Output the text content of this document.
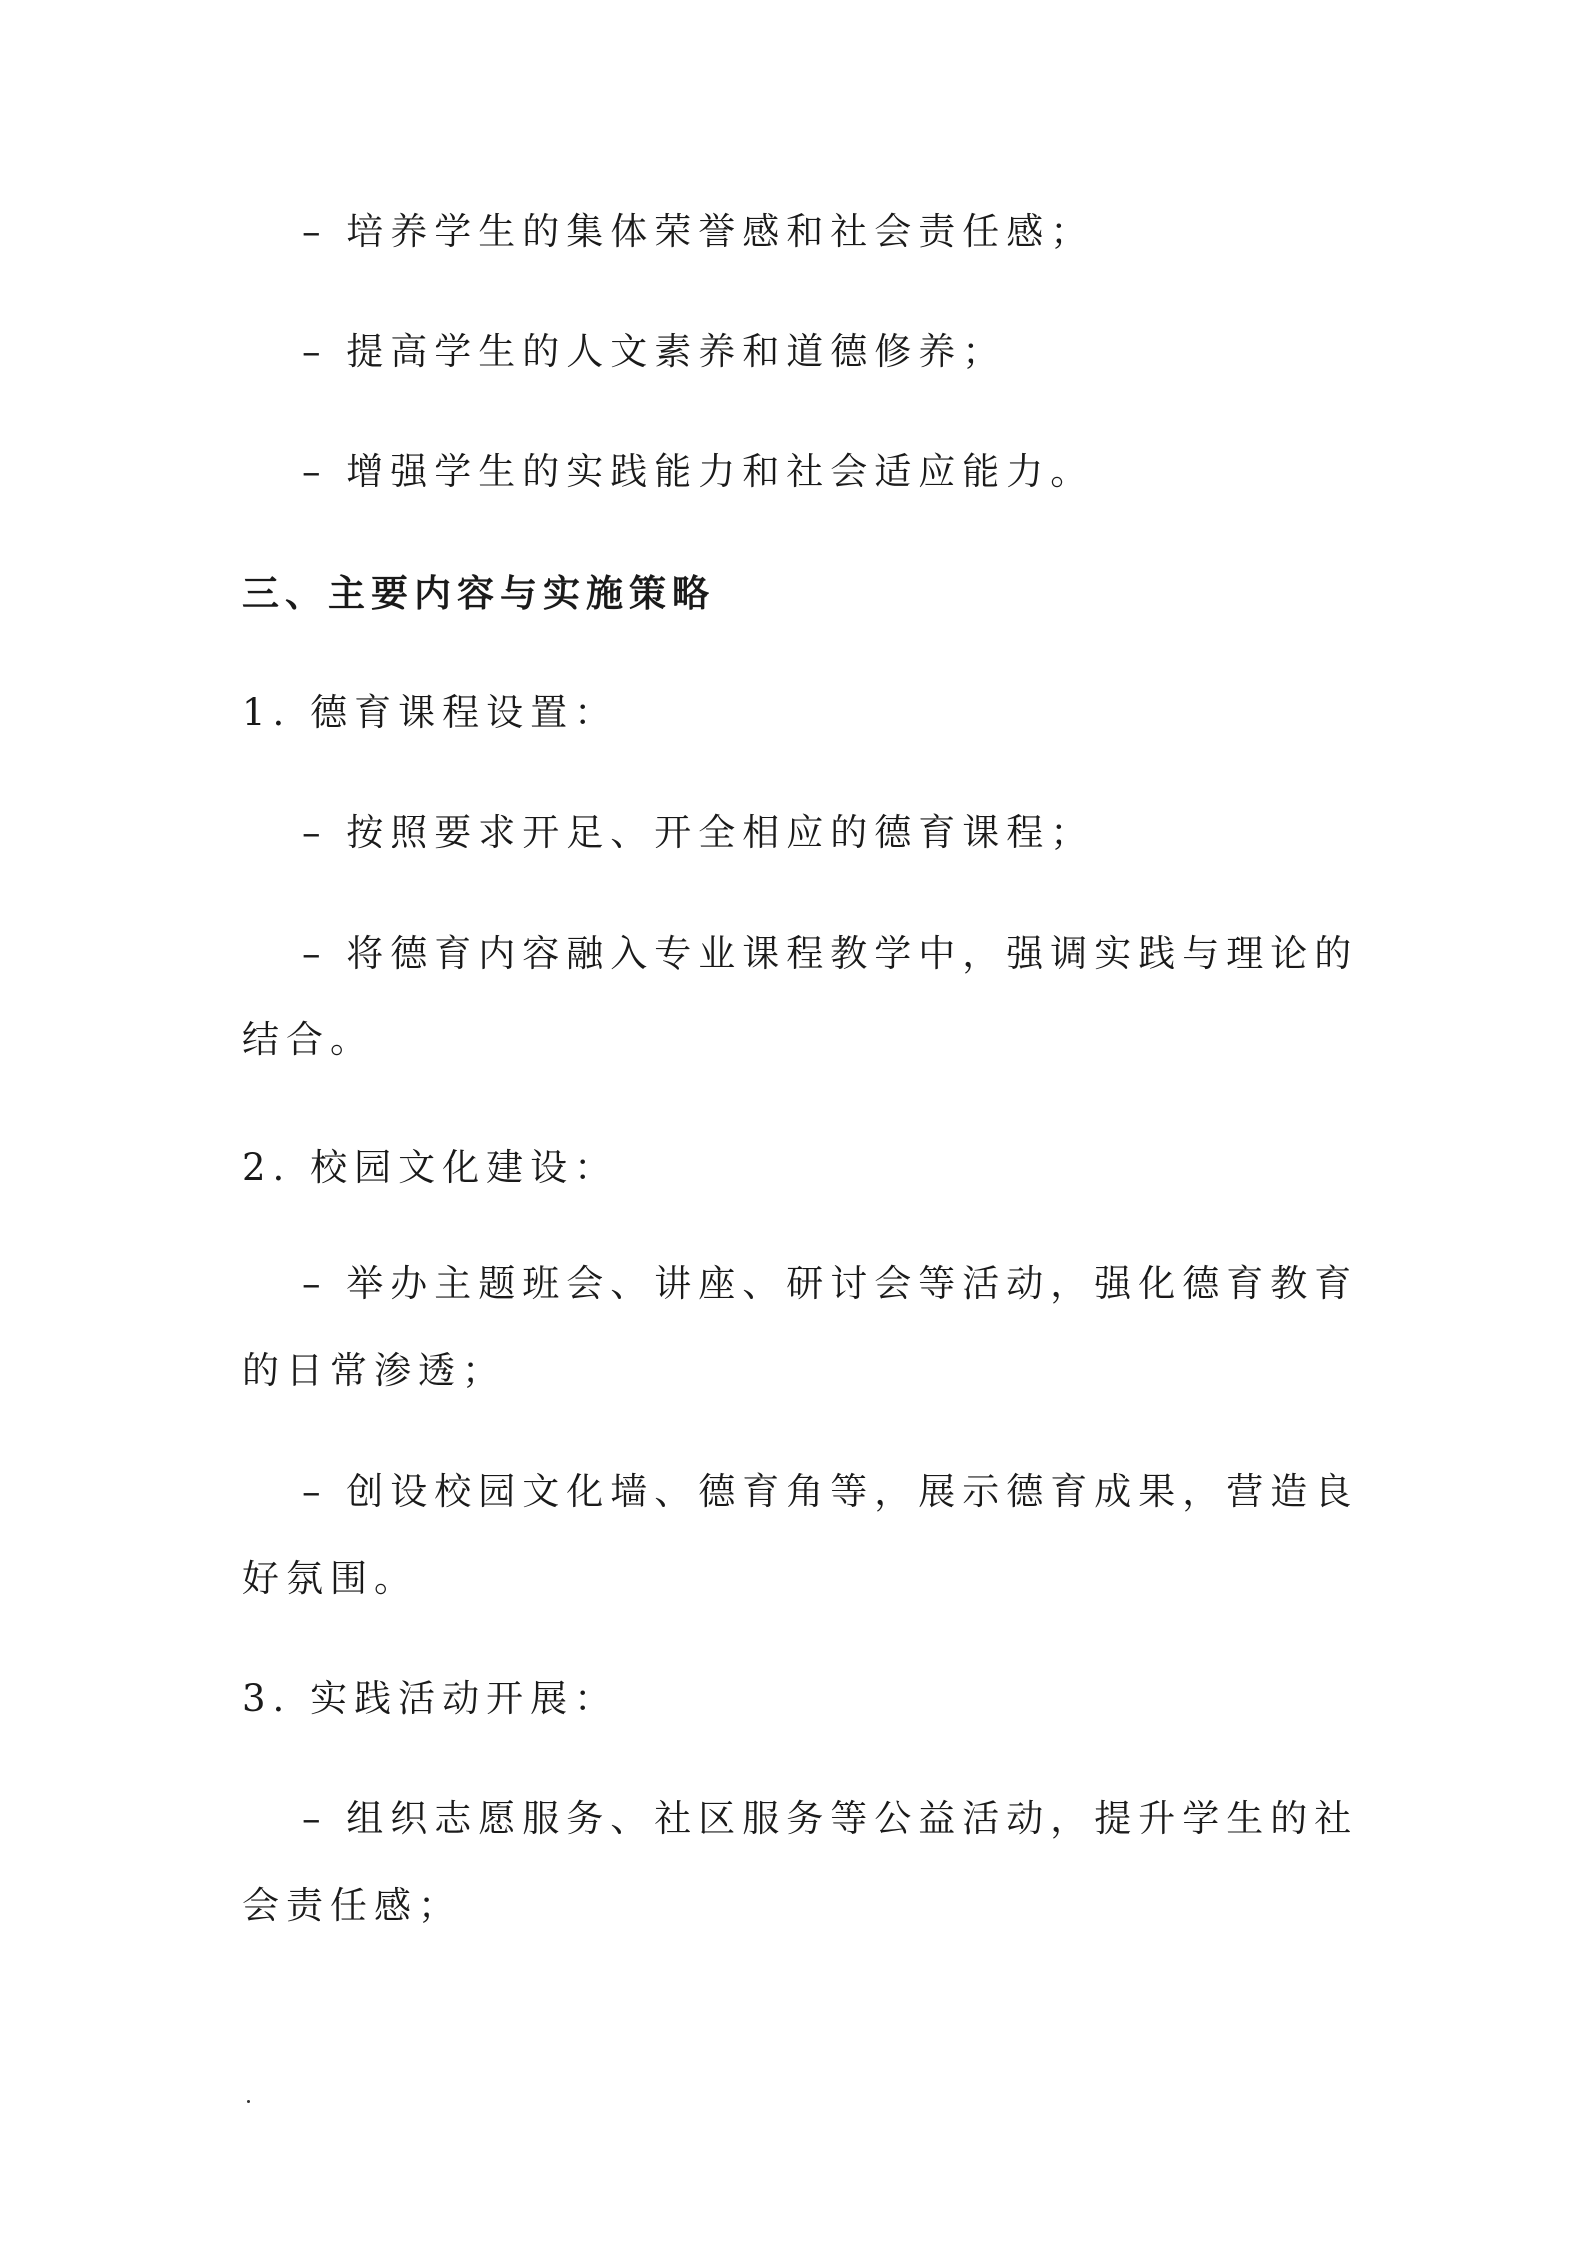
– 培养学生的集体荣誉感和社会责任感；
– 提高学生的人文素养和道德修养；
– 增强学生的实践能力和社会适应能力。
三、主要内容与实施策略
1. 德育课程设置：
– 按照要求开足、开全相应的德育课程；
– 将德育内容融入专业课程教学中，强调实践与理论的
结合。
2. 校园文化建设：
– 举办主题班会、讲座、研讨会等活动，强化德育教育
的日常渗透；
– 创设校园文化墙、德育角等，展示德育成果，营造良
好氛围。
3. 实践活动开展：
– 组织志愿服务、社区服务等公益活动，提升学生的社
会责任感；
